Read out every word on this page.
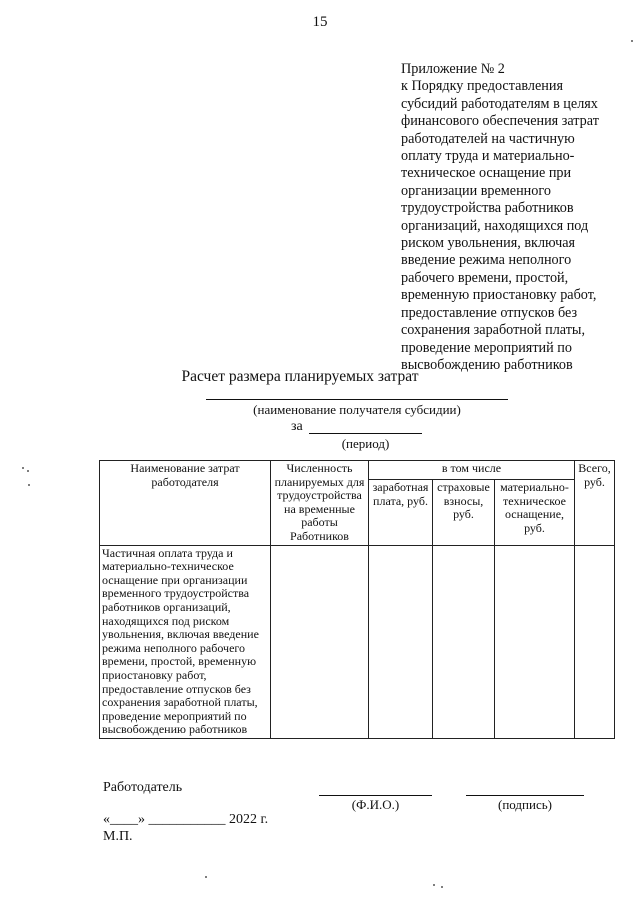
15
Приложение № 2
к Порядку предоставления
субсидий работодателям в целях
финансового обеспечения затрат
работодателей на частичную
оплату труда и материально-
техническое оснащение при
организации временного
трудоустройства работников
организаций, находящихся под
риском увольнения, включая
введение режима неполного
рабочего времени, простой,
временную приостановку работ,
предоставление отпусков без
сохранения заработной платы,
проведение мероприятий по
высвобождению работников
Расчет размера планируемых затрат
(наименование получателя субсидии)
за
(период)
Наименование затрат работодателя	Численность планируемых для трудоустройства на временные работы Работников	в том числе			Всего, руб.
		заработная плата, руб.	страховые взносы, руб.	материально-техническое оснащение, руб.	
Частичная оплата труда и материально-техническое оснащение при организации временного трудоустройства работников организаций, находящихся под риском увольнения, включая введение режима неполного рабочего времени, простой, временную приостановку работ, предоставление отпусков без сохранения заработной платы, проведение мероприятий по высвобождению работников					
Работодатель
(Ф.И.О.)	(подпись)
«____» ___________ 2022 г.
М.П.
